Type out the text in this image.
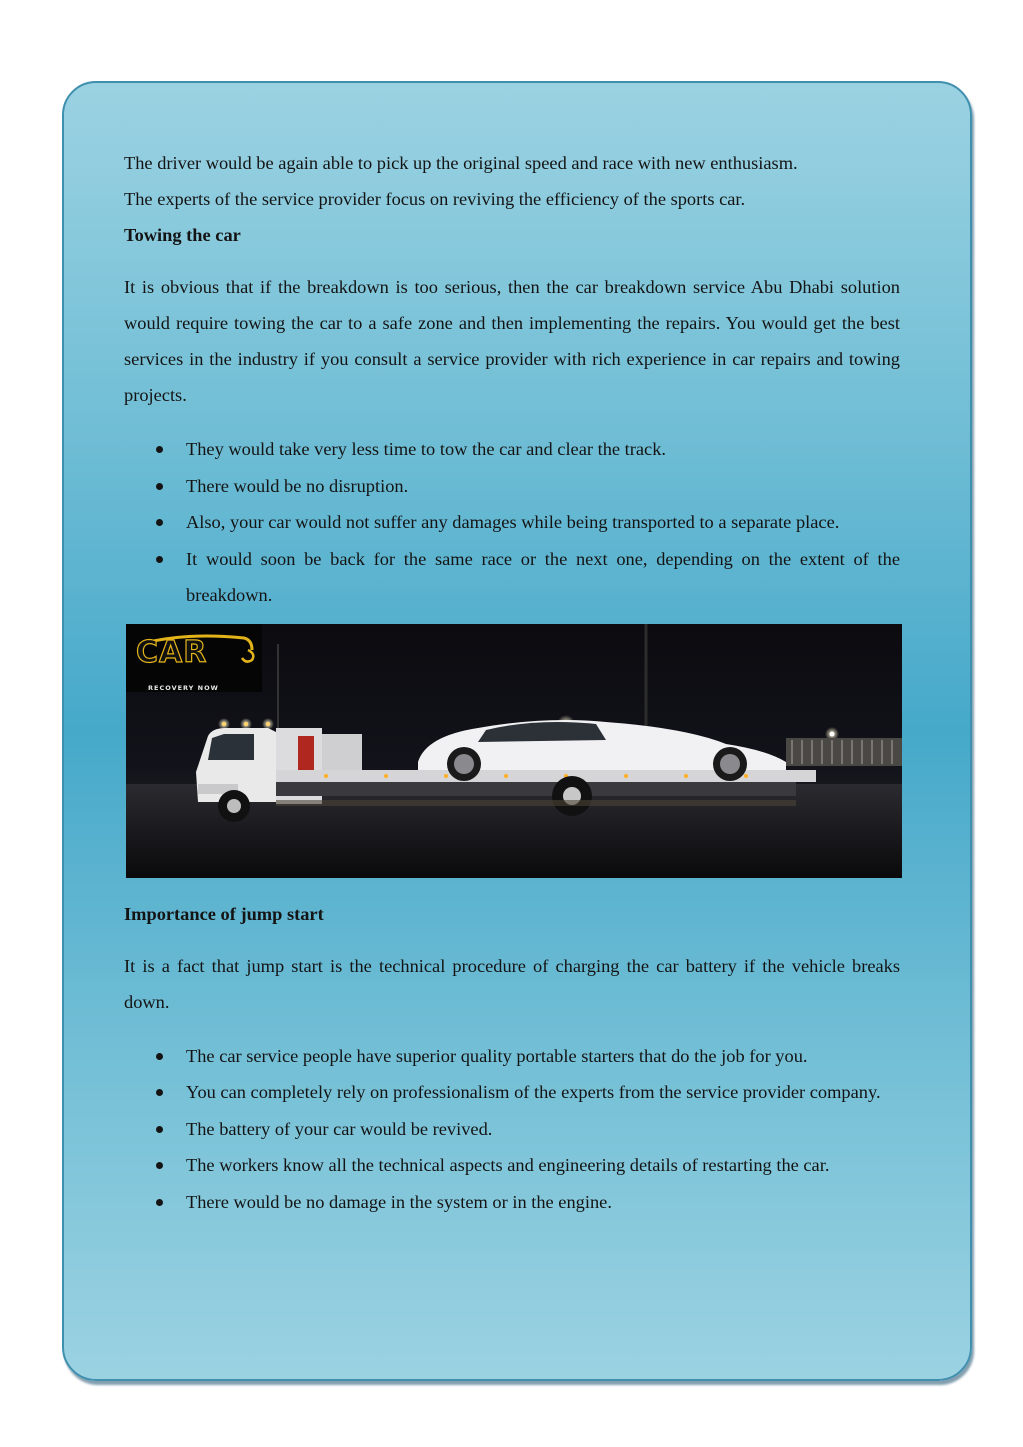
The driver would be again able to pick up the original speed and race with new enthusiasm.

The experts of the service provider focus on reviving the efficiency of the sports car.

Towing the car

It is obvious that if the breakdown is too serious, then the car breakdown service Abu Dhabi solution would require towing the car to a safe zone and then implementing the repairs. You would get the best services in the industry if you consult a service provider with rich experience in car repairs and towing projects.

They would take very less time to tow the car and clear the track.
There would be no disruption.
Also, your car would not suffer any damages while being transported to a separate place.
It would soon be back for the same race or the next one, depending on the extent of the breakdown.
CAR
RECOVERY NOW
Importance of jump start

It is a fact that jump start is the technical procedure of charging the car battery if the vehicle breaks down.

The car service people have superior quality portable starters that do the job for you.
You can completely rely on professionalism of the experts from the service provider company.
The battery of your car would be revived.
The workers know all the technical aspects and engineering details of restarting the car.
There would be no damage in the system or in the engine.
